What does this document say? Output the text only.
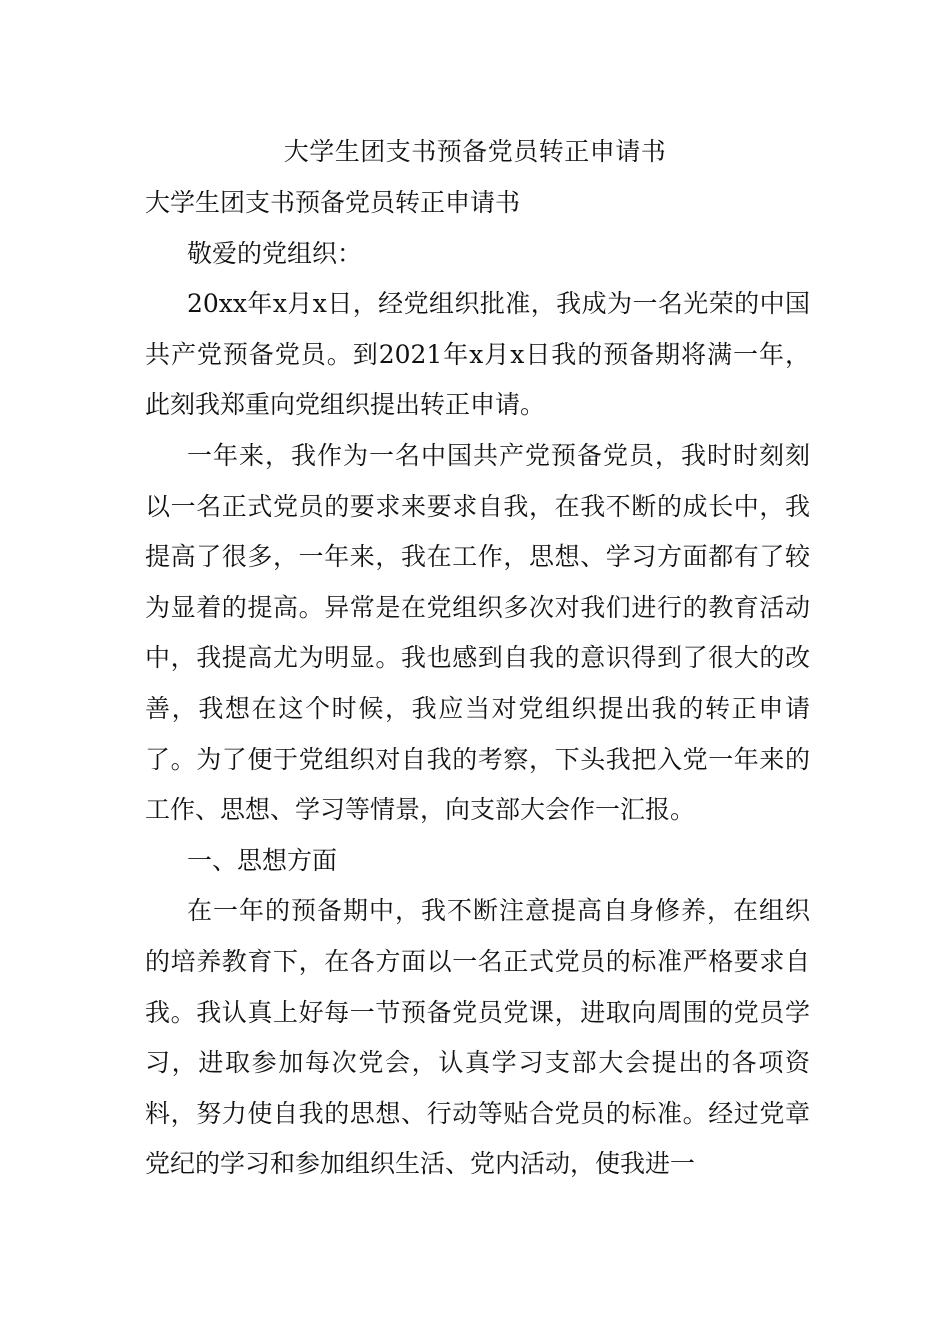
大学生团支书预备党员转正申请书

大学生团支书预备党员转正申请书

敬爱的党组织：

20xx年x月x日，经党组织批准，我成为一名光荣的中国共产党预备党员。到2021年x月x日我的预备期将满一年，此刻我郑重向党组织提出转正申请。

一年来，我作为一名中国共产党预备党员，我时时刻刻以一名正式党员的要求来要求自我，在我不断的成长中，我提高了很多，一年来，我在工作，思想、学习方面都有了较为显着的提高。异常是在党组织多次对我们进行的教育活动中，我提高尤为明显。我也感到自我的意识得到了很大的改善，我想在这个时候，我应当对党组织提出我的转正申请了。为了便于党组织对自我的考察，下头我把入党一年来的工作、思想、学习等情景，向支部大会作一汇报。

一、思想方面

在一年的预备期中，我不断注意提高自身修养，在组织的培养教育下，在各方面以一名正式党员的标准严格要求自我。我认真上好每一节预备党员党课，进取向周围的党员学习，进取参加每次党会，认真学习支部大会提出的各项资料，努力使自我的思想、行动等贴合党员的标准。经过党章党纪的学习和参加组织生活、党内活动，使我进一
